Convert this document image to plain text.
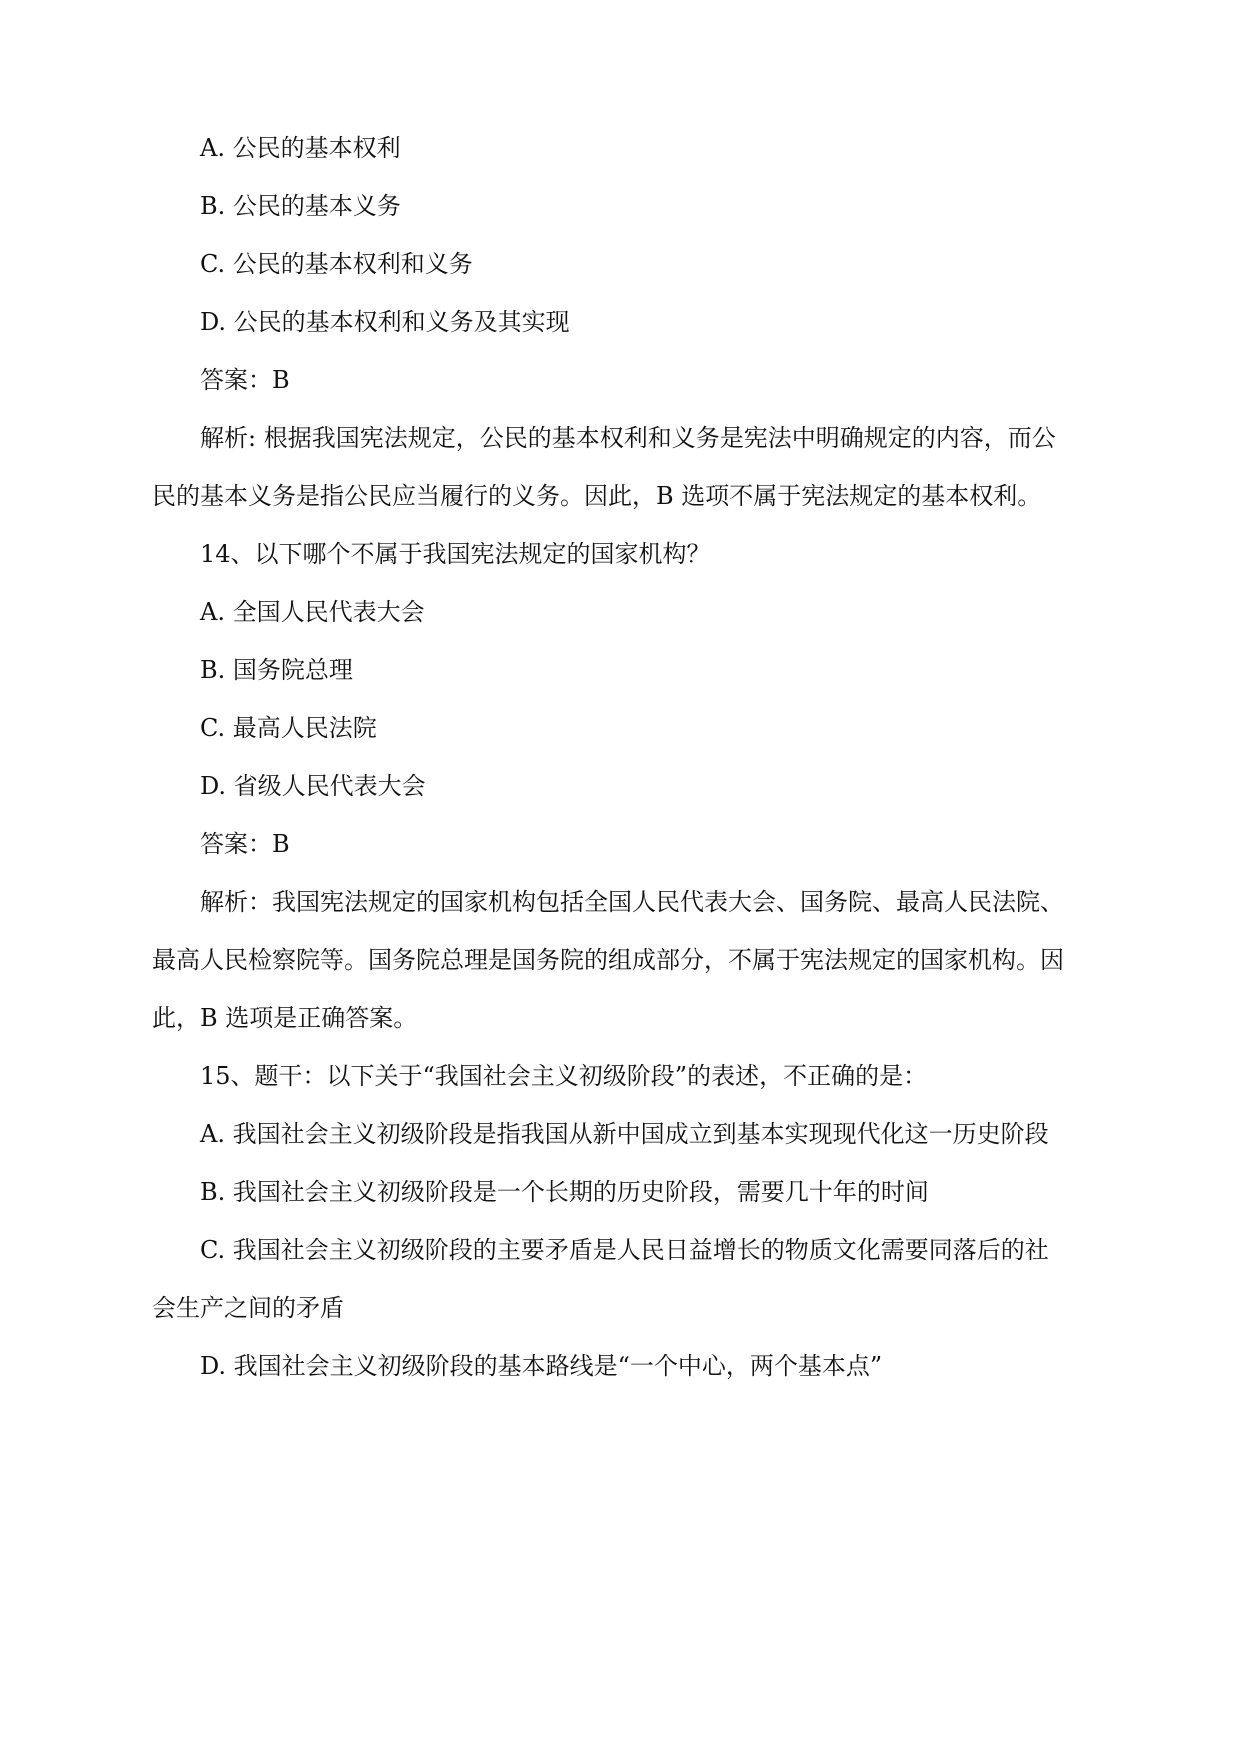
A. 公民的基本权利
B. 公民的基本义务
C. 公民的基本权利和义务
D. 公民的基本权利和义务及其实现
答案：B
解析: 根据我国宪法规定，公民的基本权利和义务是宪法中明确规定的内容，而公
民的基本义务是指公民应当履行的义务。因此，B 选项不属于宪法规定的基本权利。
14、以下哪个不属于我国宪法规定的国家机构？
A. 全国人民代表大会
B. 国务院总理
C. 最高人民法院
D. 省级人民代表大会
答案：B
解析：我国宪法规定的国家机构包括全国人民代表大会、国务院、最高人民法院、
最高人民检察院等。国务院总理是国务院的组成部分，不属于宪法规定的国家机构。因
此，B 选项是正确答案。
15、题干：以下关于“我国社会主义初级阶段”的表述，不正确的是：
A. 我国社会主义初级阶段是指我国从新中国成立到基本实现现代化这一历史阶段
B. 我国社会主义初级阶段是一个长期的历史阶段，需要几十年的时间
C. 我国社会主义初级阶段的主要矛盾是人民日益增长的物质文化需要同落后的社
会生产之间的矛盾
D. 我国社会主义初级阶段的基本路线是“一个中心，两个基本点”
